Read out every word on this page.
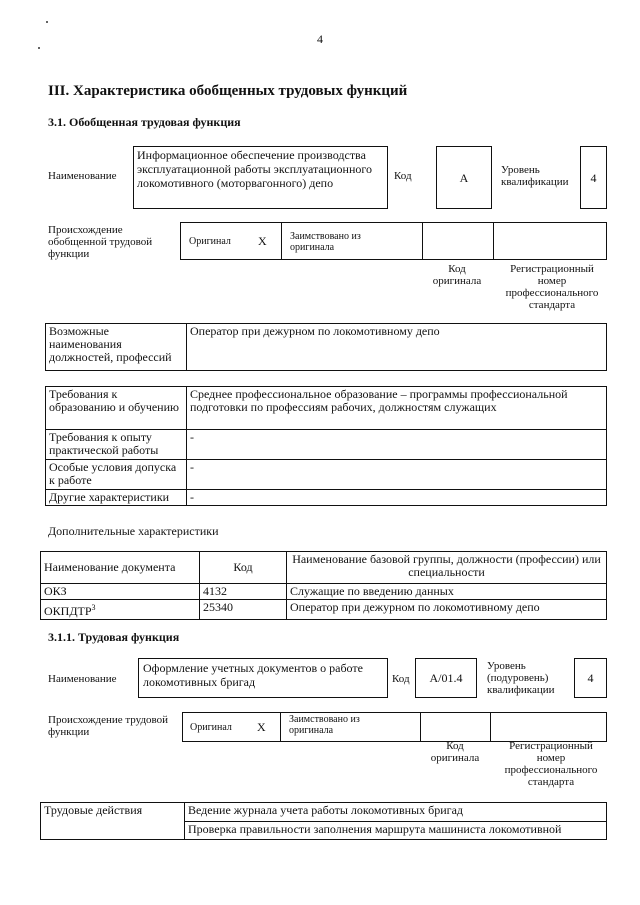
4
III. Характеристика обобщенных трудовых функций
3.1. Обобщенная трудовая функция
Наименование
Информационное обеспечение производства эксплуатационной работы эксплуатационного локомотивного (моторвагонного) депо	Код	A
Уровень квалификации	4
Происхождение обобщенной трудовой функции
Оригинал X Заимствовано из оригинала
Код оригинала
Регистрационный номер профессионального стандарта
Возможные наименования должностей, профессий	Оператор при дежурном по локомотивному депо
Требования к образованию и обучению	Среднее профессиональное образование – программы профессиональной подготовки по профессиям рабочих, должностям служащих
Требования к опыту практической работы	-
Особые условия допуска к работе	-
Другие характеристики	-
Дополнительные характеристики
Наименование документа	Код	Наименование базовой группы, должности (профессии) или специальности
ОКЗ	4132	Служащие по введению данных
ОКПДТР$^3$	25340	Оператор при дежурном по локомотивному депо
3.1.1. Трудовая функция
Наименование
Оформление учетных документов о работе локомотивных бригад	Код	A/01.4
Уровень (подуровень) квалификации
4
Происхождение трудовой функции	Оригинал X
Заимствовано из оригинала
Код оригинала
Регистрационный номер профессионального стандарта
Трудовые действия	Ведение журнала учета работы локомотивных бригад
Проверка правильности заполнения маршрута машиниста локомотивной
